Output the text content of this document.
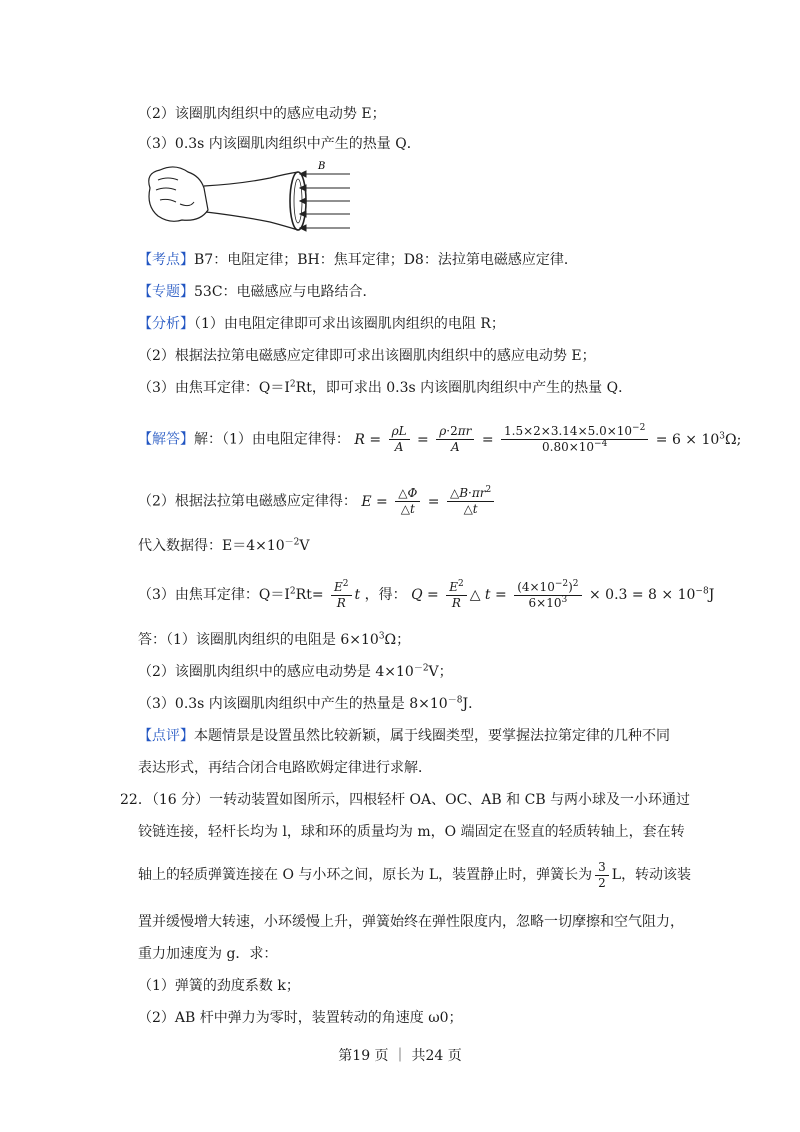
（2）该圈肌肉组织中的感应电动势 E；
（3）0.3s 内该圈肌肉组织中产生的热量 Q．
B
【考点】B7：电阻定律；BH：焦耳定律；D8：法拉第电磁感应定律．
【专题】53C：电磁感应与电路结合．
【分析】（1）由电阻定律即可求出该圈肌肉组织的电阻 R；
（2）根据法拉第电磁感应定律即可求出该圈肌肉组织中的感应电动势 E；
（3）由焦耳定律：$Q=I^2Rt$，即可求出 0.3s 内该圈肌肉组织中产生的热量 Q．
【解答】解：（1）由电阻定律得： $R = \frac{\rho L}{A} = \frac{\rho\cdot 2\pi r}{A} = \frac{1.5\times 2\times 3.14\times 5.0\times 10^{-2}}{0.80\times 10^{-4}} = 6 \times 10^3\Omega$;
（2）根据法拉第电磁感应定律得： $E = \frac{\triangle\Phi}{\triangle t} = \frac{\triangle B\cdot\pi r^2}{\triangle t}$
代入数据得：$E=4\times 10^{-2}V$
（3）由焦耳定律：$Q=I^2Rt= \frac{E^2}{R}$ t ，得： $Q = \frac{E^2}{R}$ △ $t = \frac{(4\times 10^{-2})^2}{6\times 10^3} \times 0.3 = 8 \times 10^{-8}J$
答：（1）该圈肌肉组织的电阻是 $6\times 10^3\Omega$；
（2）该圈肌肉组织中的感应电动势是 $4\times 10^{-2}V$；
（3）0.3s 内该圈肌肉组织中产生的热量是 $8\times 10^{-8}J$．
【点评】本题情景是设置虽然比较新颖，属于线圈类型，要掌握法拉第定律的几种不同
表达形式，再结合闭合电路欧姆定律进行求解．
22．（16 分）一转动装置如图所示，四根轻杆 OA、OC、AB 和 CB 与两小球及一小环通过
铰链连接，轻杆长均为 l，球和环的质量均为 m，O 端固定在竖直的轻质转轴上，套在转
轴上的轻质弹簧连接在 O 与小环之间，原长为 L，装置静止时，弹簧长为 $\frac{3}{2}$ L，转动该装
置并缓慢增大转速，小环缓慢上升，弹簧始终在弹性限度内，忽略一切摩擦和空气阻力，
重力加速度为 g．求：
（1）弹簧的劲度系数 k；
（2）AB 杆中弹力为零时，装置转动的角速度 ω0；
第19 页 ｜ 共24 页
